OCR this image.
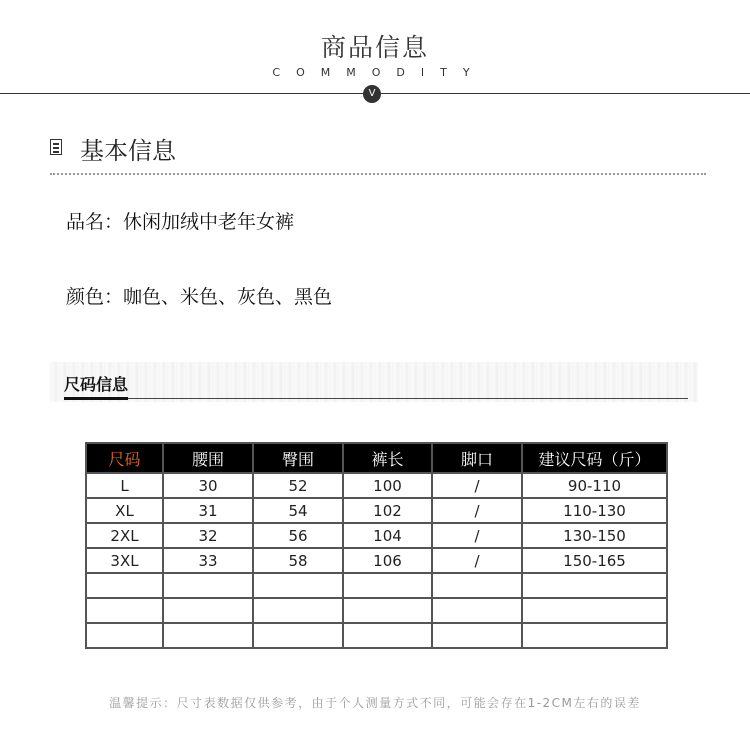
商品信息
COMMODITY
V
基本信息
品名：休闲加绒中老年女裤
颜色：咖色、米色、灰色、黑色
尺码信息
尺码	腰围	臀围	裤长	脚口	建议尺码（斤）
L	30	52	100	/	90-110
XL	31	54	102	/	110-130
2XL	32	56	104	/	130-150
3XL	33	58	106	/	150-165

温馨提示：尺寸表数据仅供参考，由于个人测量方式不同，可能会存在1-2CM左右的误差
